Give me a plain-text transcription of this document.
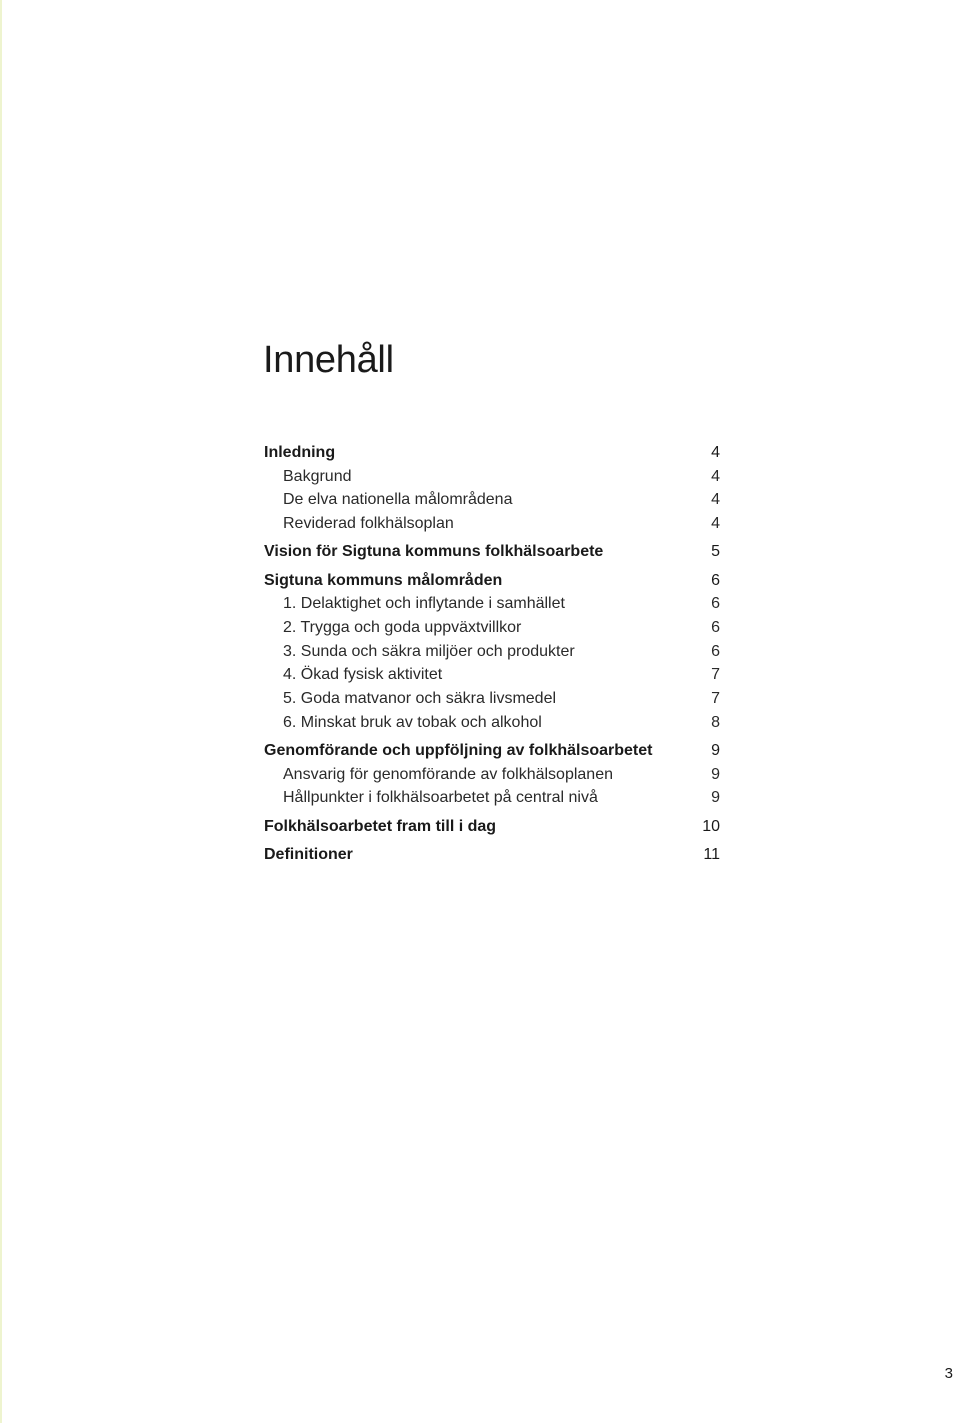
Innehåll
Inledning	4
Bakgrund	4
De elva nationella målområdena	4
Reviderad folkhälsoplan	4
Vision för Sigtuna kommuns folkhälsoarbete	5
Sigtuna kommuns målområden	6
1. Delaktighet och inflytande i samhället	6
2. Trygga och goda uppväxtvillkor	6
3. Sunda och säkra miljöer och produkter	6
4. Ökad fysisk aktivitet	7
5. Goda matvanor och säkra livsmedel	7
6. Minskat bruk av tobak och alkohol	8
Genomförande och uppföljning av folkhälsoarbetet	9
Ansvarig för genomförande av folkhälsoplanen	9
Hållpunkter i folkhälsoarbetet på central nivå	9
Folkhälsoarbetet fram till i dag	10
Definitioner	11
3
